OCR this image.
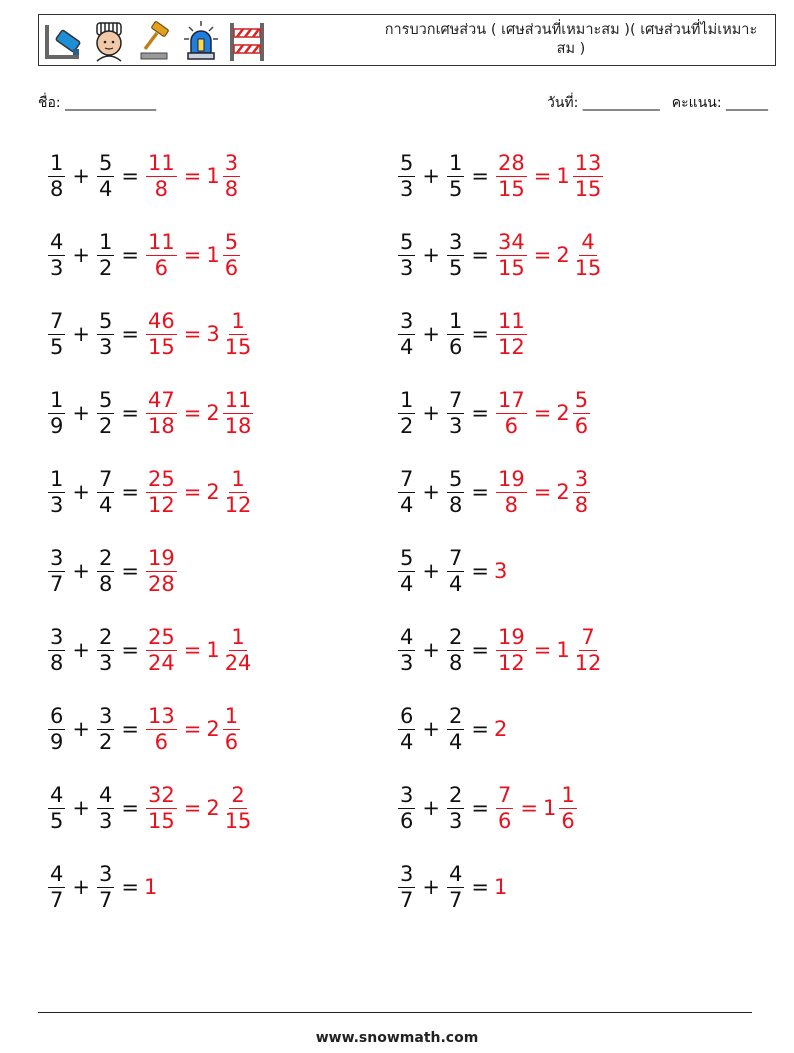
การบวกเศษส่วน ( เศษส่วนที่เหมาะสม )( เศษส่วนที่ไม่เหมาะสม )
ชื่อ: _____________	วันที่: ___________ คะแนน: ______
$\frac{1}{8} + \frac{5}{4} = \frac{11}{8} = 1 \frac{3}{8}$	$\frac{5}{3} + \frac{1}{5} = \frac{28}{15} = 1 \frac{13}{15}$
$\frac{4}{3} + \frac{1}{2} = \frac{11}{6} = 1 \frac{5}{6}$	$\frac{5}{3} + \frac{3}{5} = \frac{34}{15} = 2 \frac{4}{15}$
$\frac{7}{5} + \frac{5}{3} = \frac{46}{15} = 3 \frac{1}{15}$	$\frac{3}{4} + \frac{1}{6} = \frac{11}{12}$
$\frac{1}{9} + \frac{5}{2} = \frac{47}{18} = 2 \frac{11}{18}$	$\frac{1}{2} + \frac{7}{3} = \frac{17}{6} = 2 \frac{5}{6}$
$\frac{1}{3} + \frac{7}{4} = \frac{25}{12} = 2 \frac{1}{12}$	$\frac{7}{4} + \frac{5}{8} = \frac{19}{8} = 2 \frac{3}{8}$
$\frac{3}{7} + \frac{2}{8} = \frac{19}{28}$	$\frac{5}{4} + \frac{7}{4} = 3$
$\frac{3}{8} + \frac{2}{3} = \frac{25}{24} = 1 \frac{1}{24}$	$\frac{4}{3} + \frac{2}{8} = \frac{19}{12} = 1 \frac{7}{12}$
$\frac{6}{9} + \frac{3}{2} = \frac{13}{6} = 2 \frac{1}{6}$	$\frac{6}{4} + \frac{2}{4} = 2$
$\frac{4}{5} + \frac{4}{3} = \frac{32}{15} = 2 \frac{2}{15}$	$\frac{3}{6} + \frac{2}{3} = \frac{7}{6} = 1 \frac{1}{6}$
$\frac{4}{7} + \frac{3}{7} = 1$	$\frac{3}{7} + \frac{4}{7} = 1$
www.snowmath.com
